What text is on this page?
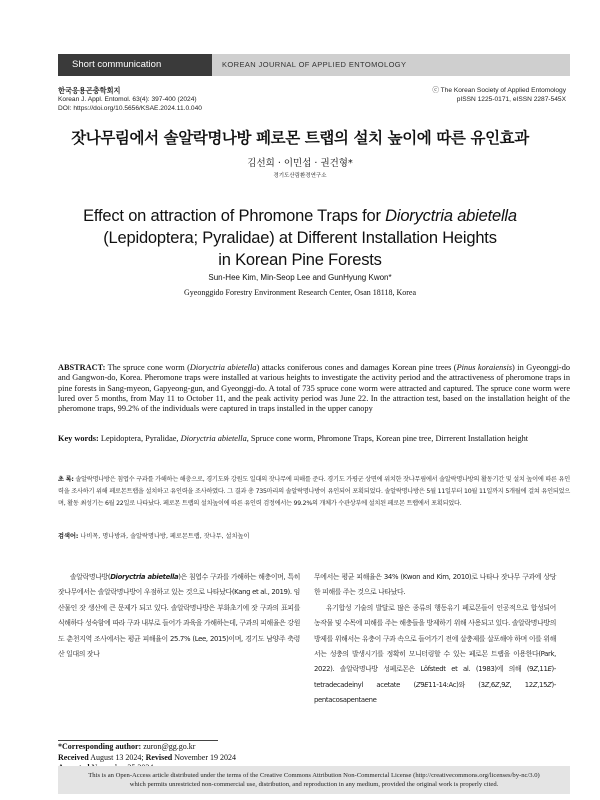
Short communication	KOREAN JOURNAL OF APPLIED ENTOMOLOGY
한국응용곤충학회지
Korean J. Appl. Entomol. 63(4): 397-400 (2024)
DOI: https://doi.org/10.5656/KSAE.2024.11.0.040
ⓒ The Korean Society of Applied Entomology
pISSN 1225-0171, eISSN 2287-545X
잣나무림에서 솔알락명나방 페로몬 트랩의 설치 높이에 따른 유인효과
김선희 · 이민섭 · 권건형*
경기도산림환경연구소
Effect on attraction of Phromone Traps for Dioryctria abietella
(Lepidoptera; Pyralidae) at Different Installation Heights
in Korean Pine Forests
Sun-Hee Kim, Min-Seop Lee and GunHyung Kwon*
Gyeonggido Forestry Environment Research Center, Osan 18118, Korea
ABSTRACT: The spruce cone worm (Dioryctria abietella) attacks coniferous cones and damages Korean pine trees (Pinus koraiensis) in Gyeonggi-do and Gangwon-do, Korea. Pheromone traps were installed at various heights to investigate the activity period and the attractiveness of pheromone traps in pine forests in Sang-myeon, Gapyeong-gun, and Gyeonggi-do. A total of 735 spruce cone worm were attracted and captured. The spruce cone worm were lured over 5 months, from May 11 to October 11, and the peak activity period was June 22. In the attraction test, based on the installation height of the pheromone traps, 99.2% of the individuals were captured in traps installed in the upper canopy
Key words: Lepidoptera, Pyralidae, Dioryctria abietella, Spruce cone worm, Phromone Traps, Korean pine tree, Dirrerent Installation height
초 록: 솔알락명나방은 침엽수 구과를 가해하는 해충으로, 경기도와 강원도 일대의 잣나무에 피해를 준다. 경기도 가평군 상면에 위치한 잣나무림에서 솔알락명나방의 활동기간 및 설치 높이에 따른 유인력을 조사하기 위해 페로몬트랩을 설치하고 유인력을 조사하였다. 그 결과 총 735마리의 솔알락명나방이 유인되어 포획되었다. 솔알락명나방은 5월 11일부터 10월 11일까지 5개월에 걸쳐 유인되었으며, 활동 최성기는 6월 22일로 나타났다. 페로몬 트랩의 설치높이에 따른 유인력 검정에서는 99.2%의 개체가 수관상부에 설치된 페로몬 트랩에서 포획되었다.
검색어: 나비목, 명나방과, 솔알락명나방, 페로몬트랩, 잣나무, 설치높이

솔알락명나방(Dioryctria abietella)은 침엽수 구과를 가해하는 해충이며, 특히 잣나무에서는 솔알락명나방이 우점하고 있는 것으로 나타났다(Kang et al., 2019). 임산물인 잣 생산에 큰 문제가 되고 있다. 솔알락명나방은 부화초기에 잣 구과의 표피를 식해하다 성숙함에 따라 구과 내부로 들어가 과육을 가해하는데, 구과의 피해율은 강원도 춘천지역 조사에서는 평균 피해율이 25.7% (Lee, 2015)이며, 경기도 남양주 축령산 일대의 잣나

무에서는 평균 피해율은 34% (Kwon and Kim, 2010)로 나타나 잣나무 구과에 상당한 피해를 주는 것으로 나타났다.

유기합성 기술의 발달로 많은 종류의 행동유기 페로몬들이 인공적으로 합성되어 농작물 및 수목에 피해를 주는 해충들을 방제하기 위해 사용되고 있다. 솔알락명나방의 방제를 위해서는 유충이 구과 속으로 들어가기 전에 살충제를 살포해야 하며 이를 위해서는 성충의 발생시기를 정확히 모니터링할 수 있는 페로몬 트랩을 이용한다(Park, 2022). 솔알락명나방 성페로몬은 Löfstedt et al. (1983)에 의해 (9Z,11E)-tetradecadeinyl acetate (Z9E11-14:Ac)와 (3Z,6Z,9Z, 12Z,15Z)-pentacosapentaene

*Corresponding author: zuron@gg.go.kr
Received August 13 2024; Revised November 19 2024
This is an Open-Access article distributed under the terms of the Creative Commons Attribution Non-Commercial License (http://creativecommons.org/licenses/by-nc/3.0)
which permits unrestricted non-commercial use, distribution, and reproduction in any medium, provided the original work is properly cited.
